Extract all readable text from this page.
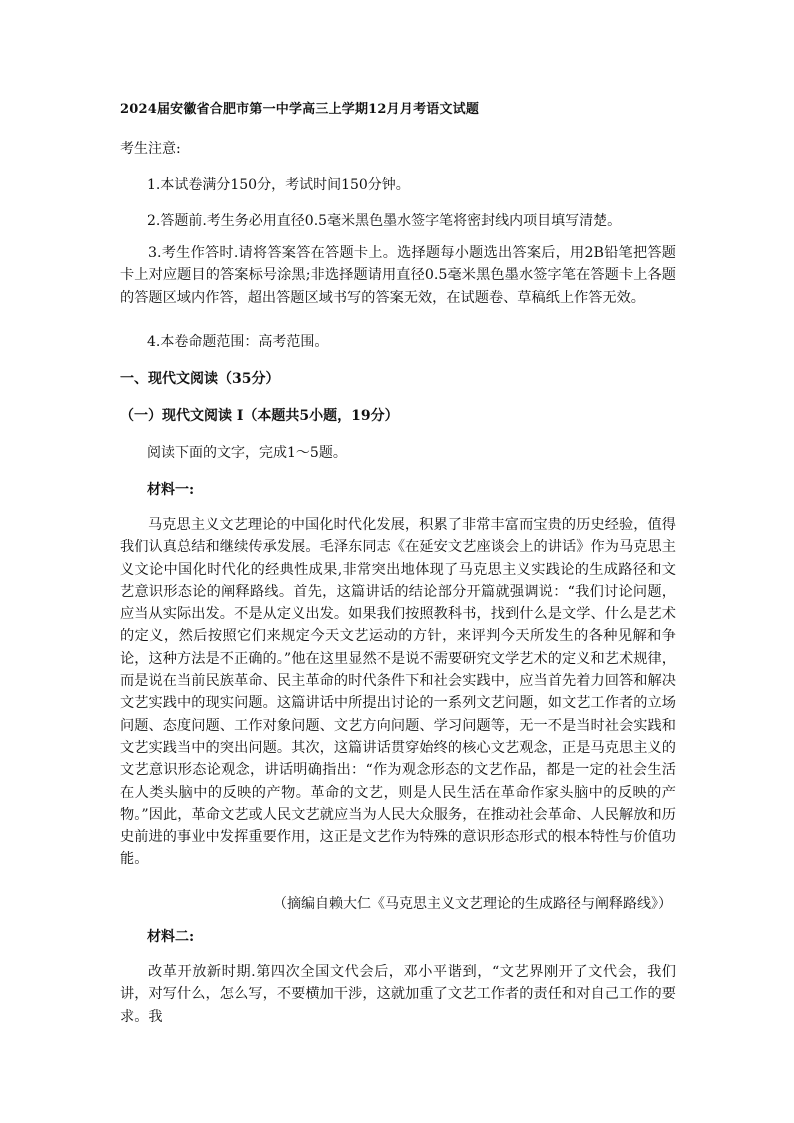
2024届安徽省合肥市第一中学高三上学期12月月考语文试题
考生注意:
1.本试卷满分150分，考试时间150分钟。
2.答题前.考生务必用直径0.5毫米黑色墨水签字笔将密封线内项目填写清楚。
3.考生作答时.请将答案答在答题卡上。选择题每小题选出答案后，用2B铅笔把答题卡上对应题目的答案标号涂黑;非选择题请用直径0.5毫米黑色墨水签字笔在答题卡上各题的答题区域内作答，超出答题区域书写的答案无效，在试题卷、草稿纸上作答无效。
4.本卷命题范围：高考范围。
一、现代文阅读（35分）
（一）现代文阅读 I（本题共5小题，19分）
阅读下面的文字，完成1～5题。
材料一:
马克思主义文艺理论的中国化时代化发展，积累了非常丰富而宝贵的历史经验，值得我们认真总结和继续传承发展。毛泽东同志《在延安文艺座谈会上的讲话》作为马克思主义文论中国化时代化的经典性成果,非常突出地体现了马克思主义实践论的生成路径和文艺意识形态论的阐释路线。首先，这篇讲话的结论部分开篇就强调说：“我们讨论问题，应当从实际出发。不是从定义出发。如果我们按照教科书，找到什么是文学、什么是艺术的定义，然后按照它们来规定今天文艺运动的方针，来评判今天所发生的各种见解和争论，这种方法是不正确的。”他在这里显然不是说不需要研究文学艺术的定义和艺术规律，而是说在当前民族革命、民主革命的时代条件下和社会实践中，应当首先着力回答和解决文艺实践中的现实问题。这篇讲话中所提出讨论的一系列文艺问题，如文艺工作者的立场问题、态度问题、工作对象问题、文艺方向问题、学习问题等，无一不是当时社会实践和文艺实践当中的突出问题。其次，这篇讲话贯穿始终的核心文艺观念，正是马克思主义的文艺意识形态论观念，讲话明确指出：“作为观念形态的文艺作品，都是一定的社会生活在人类头脑中的反映的产物。革命的文艺，则是人民生活在革命作家头脑中的反映的产物。”因此，革命文艺或人民文艺就应当为人民大众服务，在推动社会革命、人民解放和历史前进的事业中发挥重要作用，这正是文艺作为特殊的意识形态形式的根本特性与价值功能。
（摘编自赖大仁《马克思主义文艺理论的生成路径与阐释路线》）
材料二:
改革开放新时期.第四次全国文代会后，邓小平谐到，“文艺界刚开了文代会，我们讲，对写什么，怎么写，不要横加干涉，这就加重了文艺工作者的责任和对自己工作的要求。我
